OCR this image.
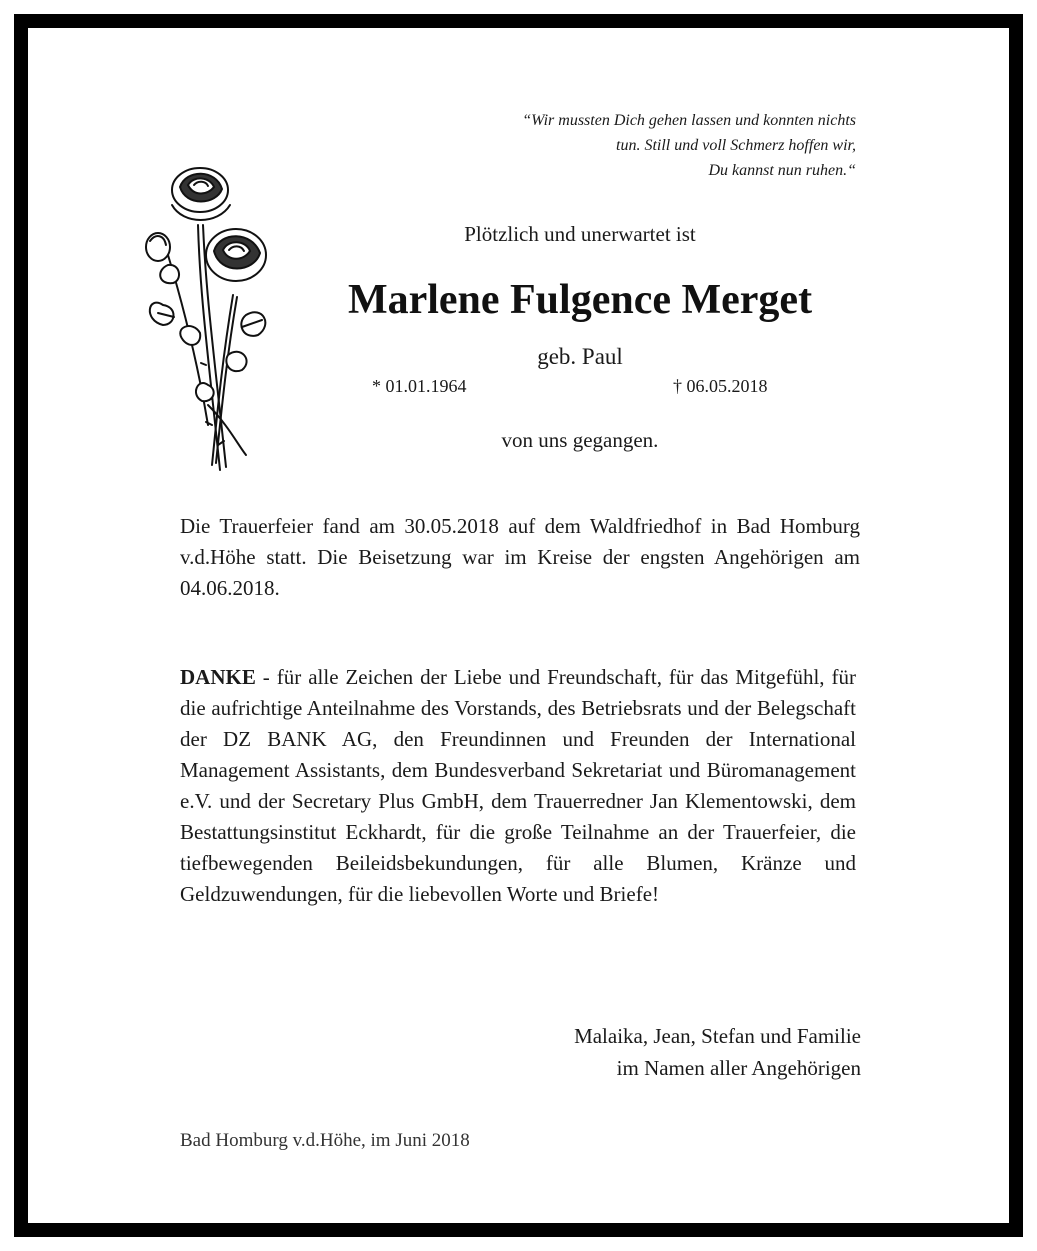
“Wir mussten Dich gehen lassen und konnten nichts
tun. Still und voll Schmerz hoffen wir,
Du kannst nun ruhen.“
Plötzlich und unerwartet ist
Marlene Fulgence Merget
geb. Paul
* 01.01.1964	† 06.05.2018
von uns gegangen.
Die Trauerfeier fand am 30.05.2018 auf dem Waldfriedhof in Bad Homburg v.d.Höhe statt. Die Beisetzung war im Kreise der engsten Angehörigen am 04.06.2018.
DANKE - für alle Zeichen der Liebe und Freundschaft, für das Mitgefühl, für die aufrichtige Anteilnahme des Vorstands, des Betriebsrats und der Belegschaft der DZ BANK AG, den Freundinnen und Freunden der International Management Assistants, dem Bundesverband Sekretariat und Büromanagement e.V. und der Secretary Plus GmbH, dem Trauerredner Jan Klementowski, dem Bestattungsinstitut Eckhardt, für die große Teilnahme an der Trauerfeier, die tiefbewegenden Beileidsbekundungen, für alle Blumen, Kränze und Geldzuwendungen, für die liebevollen Worte und Briefe!
Malaika, Jean, Stefan und Familie
im Namen aller Angehörigen
Bad Homburg v.d.Höhe, im Juni 2018
